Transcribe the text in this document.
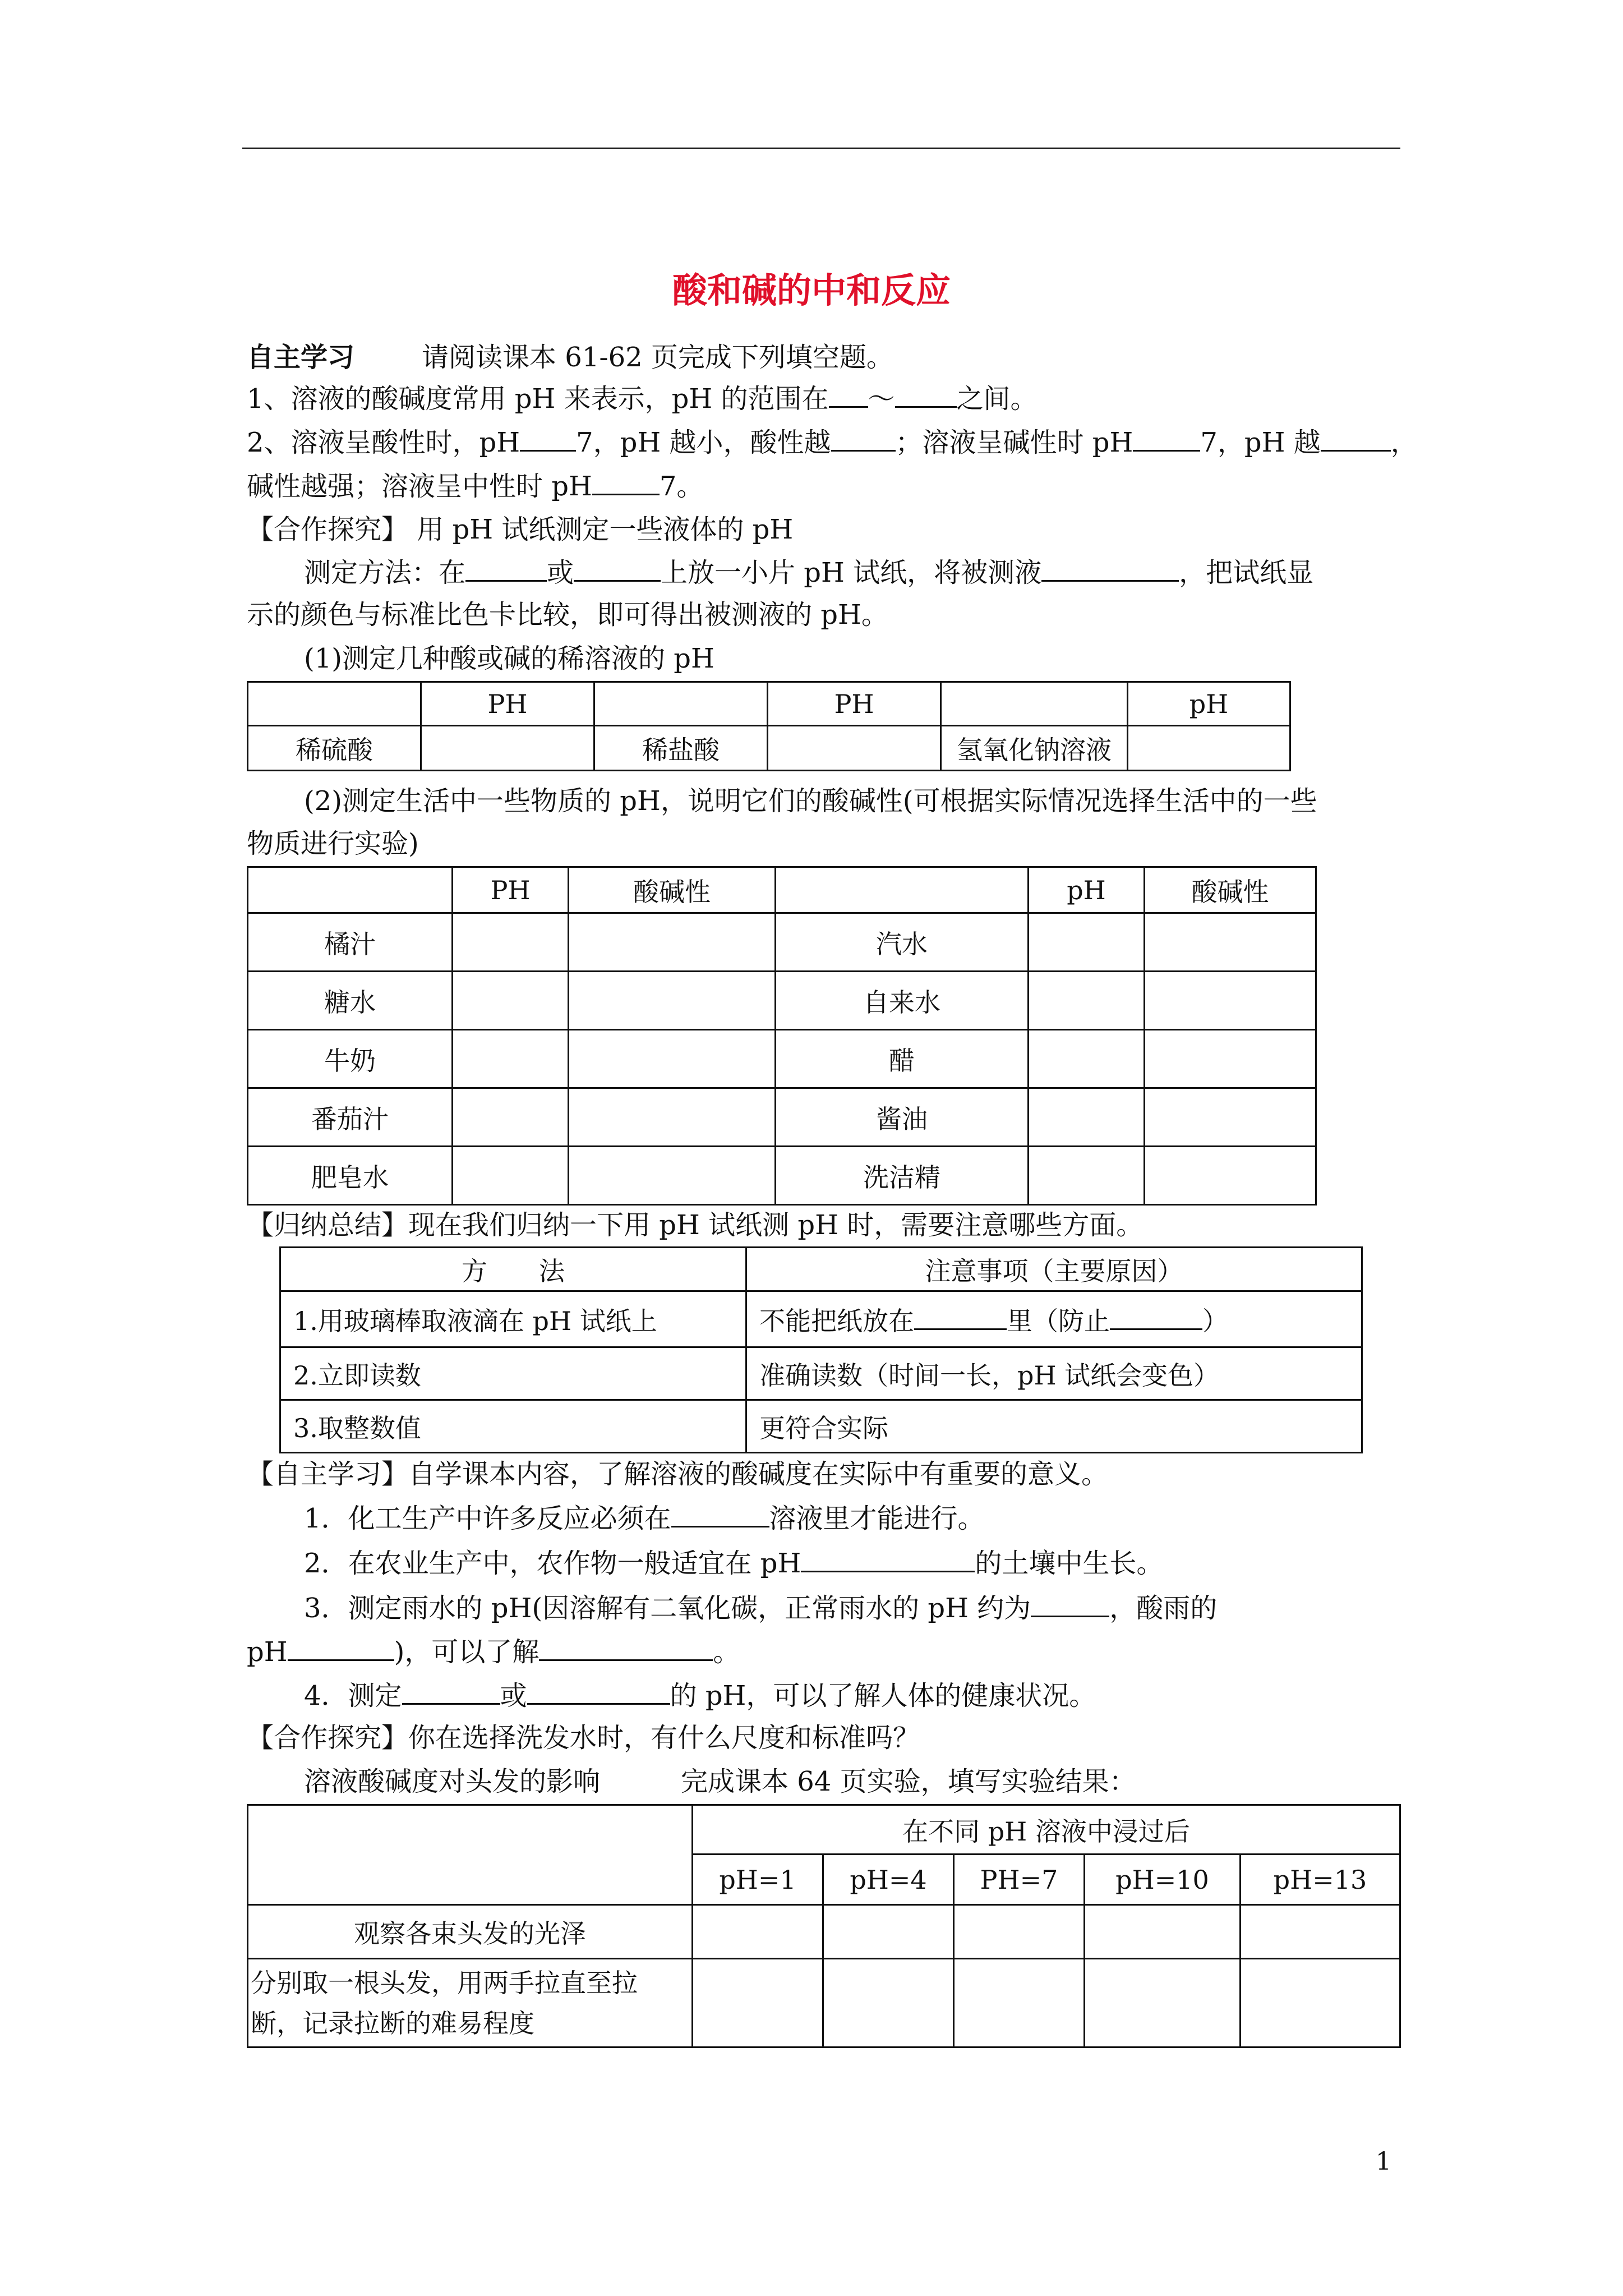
酸和碱的中和反应
自主学习	请阅读课本 61-62 页完成下列填空题。
1、溶液的酸碱度常用 pH 来表示，pH 的范围在 ～ 之间。
2、溶液呈酸性时，pH 7，pH 越小，酸性越 ；溶液呈碱性时 pH	7，pH 越	，
碱性越强；溶液呈中性时 pH	7。
【合作探究】 用 pH 试纸测定一些液体的 pH
测定方法：在	或	上放一小片 pH 试纸，将被测液	，把试纸显
示的颜色与标准比色卡比较，即可得出被测液的 pH。
(1)测定几种酸或碱的稀溶液的 pH
	PH		PH		pH
稀硫酸		稀盐酸		氢氧化钠溶液	
(2)测定生活中一些物质的 pH，说明它们的酸碱性(可根据实际情况选择生活中的一些
物质进行实验)
	PH	酸碱性		pH	酸碱性
橘汁			汽水		
糖水			自来水		
牛奶			醋		
番茄汁			酱油		
肥皂水			洗洁精		
【归纳总结】现在我们归纳一下用 pH 试纸测 pH 时，需要注意哪些方面。
方　　法	注意事项（主要原因）
1.用玻璃棒取液滴在 pH 试纸上	不能把纸放在 里（防止 ）
2.立即读数	准确读数（时间一长，pH 试纸会变色）
3.取整数值	更符合实际
【自主学习】自学课本内容，了解溶液的酸碱度在实际中有重要的意义。
1．化工生产中许多反应必须在	溶液里才能进行。
2．在农业生产中，农作物一般适宜在 pH	的土壤中生长。
3．测定雨水的 pH(因溶解有二氧化碳，正常雨水的 pH 约为	，酸雨的
pH	)，可以了解	。
4．测定	或	的 pH，可以了解人体的健康状况。
【合作探究】你在选择洗发水时，有什么尺度和标准吗？
溶液酸碱度对头发的影响　　　完成课本 64 页实验，填写实验结果：
	在不同 pH 溶液中浸过后				
	pH=1	pH=4	PH=7	pH=10	pH=13
观察各束头发的光泽					

分别取一根头发，用两手拉直至拉
断，记录拉断的难易程度					

1
